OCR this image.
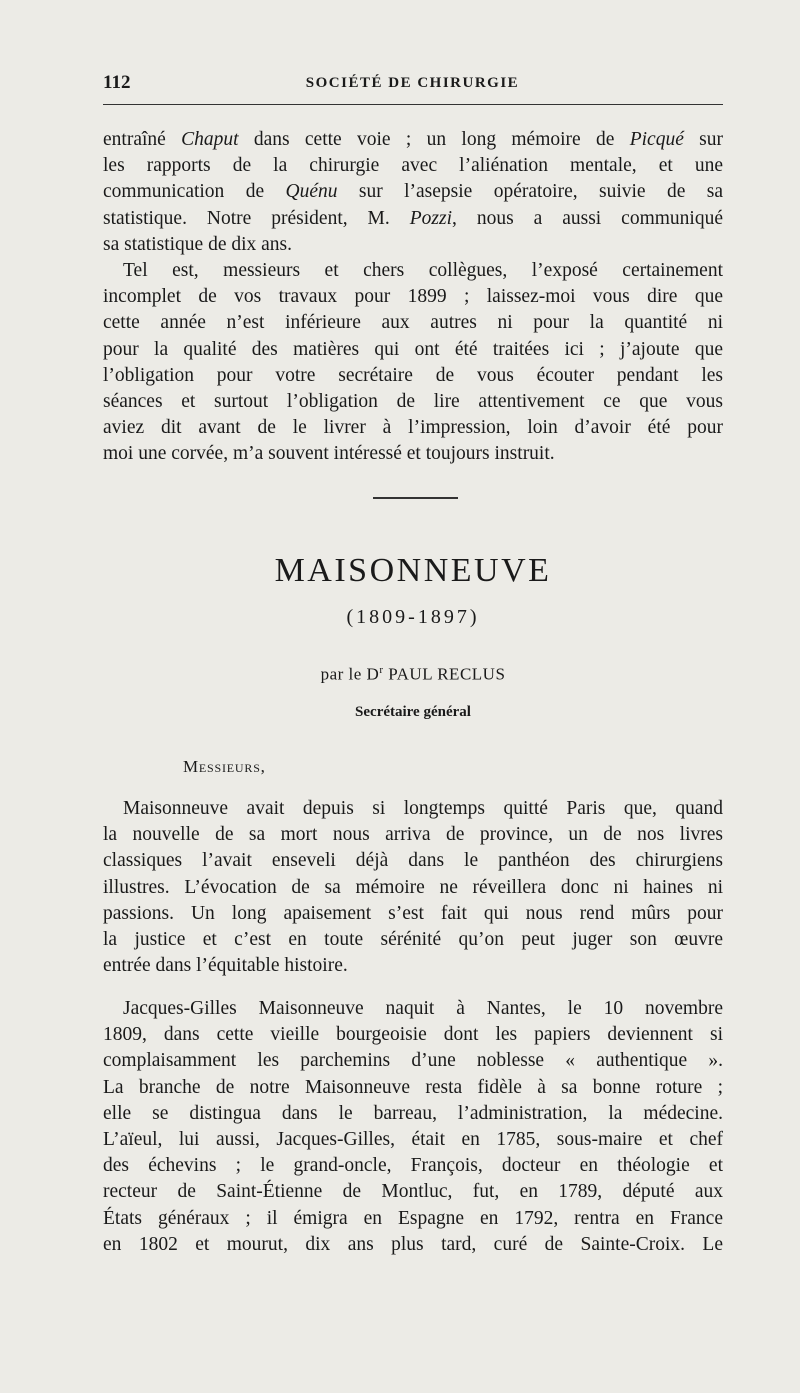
112	SOCIÉTÉ DE CHIRURGIE
entraîné Chaput dans cette voie ; un long mémoire de Picqué sur
les rapports de la chirurgie avec l’aliénation mentale, et une
communication de Quénu sur l’asepsie opératoire, suivie de sa
statistique. Notre président, M. Pozzi, nous a aussi communiqué
sa statistique de dix ans.
Tel est, messieurs et chers collègues, l’exposé certainement
incomplet de vos travaux pour 1899 ; laissez-moi vous dire que
cette année n’est inférieure aux autres ni pour la quantité ni
pour la qualité des matières qui ont été traitées ici ; j’ajoute que
l’obligation pour votre secrétaire de vous écouter pendant les
séances et surtout l’obligation de lire attentivement ce que vous
aviez dit avant de le livrer à l’impression, loin d’avoir été pour
moi une corvée, m’a souvent intéressé et toujours instruit.
MAISONNEUVE
(1809-1897)
par le $D^r$ PAUL RECLUS
Secrétaire général
Messieurs,
Maisonneuve avait depuis si longtemps quitté Paris que, quand
la nouvelle de sa mort nous arriva de province, un de nos livres
classiques l’avait enseveli déjà dans le panthéon des chirurgiens
illustres. L’évocation de sa mémoire ne réveillera donc ni haines ni
passions. Un long apaisement s’est fait qui nous rend mûrs pour
la justice et c’est en toute sérénité qu’on peut juger son œuvre
entrée dans l’équitable histoire.
Jacques-Gilles Maisonneuve naquit à Nantes, le 10 novembre
1809, dans cette vieille bourgeoisie dont les papiers deviennent si
complaisamment les parchemins d’une noblesse « authentique ».
La branche de notre Maisonneuve resta fidèle à sa bonne roture ;
elle se distingua dans le barreau, l’administration, la médecine.
L’aïeul, lui aussi, Jacques-Gilles, était en 1785, sous-maire et chef
des échevins ; le grand-oncle, François, docteur en théologie et
recteur de Saint-Étienne de Montluc, fut, en 1789, député aux
États généraux ; il émigra en Espagne en 1792, rentra en France
en 1802 et mourut, dix ans plus tard, curé de Sainte-Croix. Le
